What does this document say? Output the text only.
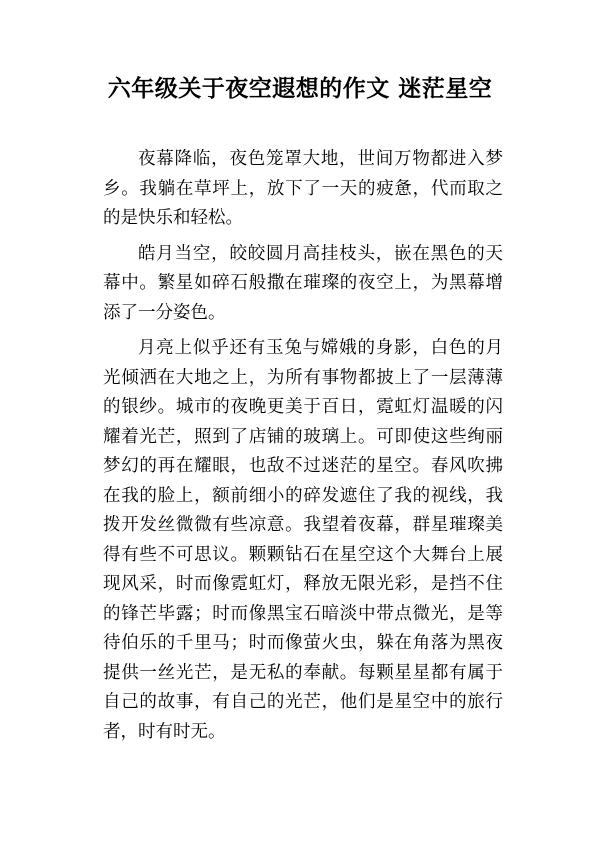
六年级关于夜空遐想的作文 迷茫星空

夜幕降临，夜色笼罩大地，世间万物都进入梦乡。我躺在草坪上，放下了一天的疲惫，代而取之的是快乐和轻松。

皓月当空，皎皎圆月高挂枝头，嵌在黑色的天幕中。繁星如碎石般撒在璀璨的夜空上，为黑幕增添了一分姿色。

月亮上似乎还有玉兔与嫦娥的身影，白色的月光倾洒在大地之上，为所有事物都披上了一层薄薄的银纱。城市的夜晚更美于百日，霓虹灯温暖的闪耀着光芒，照到了店铺的玻璃上。可即使这些绚丽梦幻的再在耀眼，也敌不过迷茫的星空。春风吹拂在我的脸上，额前细小的碎发遮住了我的视线，我拨开发丝微微有些凉意。我望着夜幕，群星璀璨美得有些不可思议。颗颗钻石在星空这个大舞台上展现风采，时而像霓虹灯，释放无限光彩，是挡不住的锋芒毕露；时而像黑宝石暗淡中带点微光，是等待伯乐的千里马；时而像萤火虫，躲在角落为黑夜提供一丝光芒，是无私的奉献。每颗星星都有属于自己的故事，有自己的光芒，他们是星空中的旅行者，时有时无。
